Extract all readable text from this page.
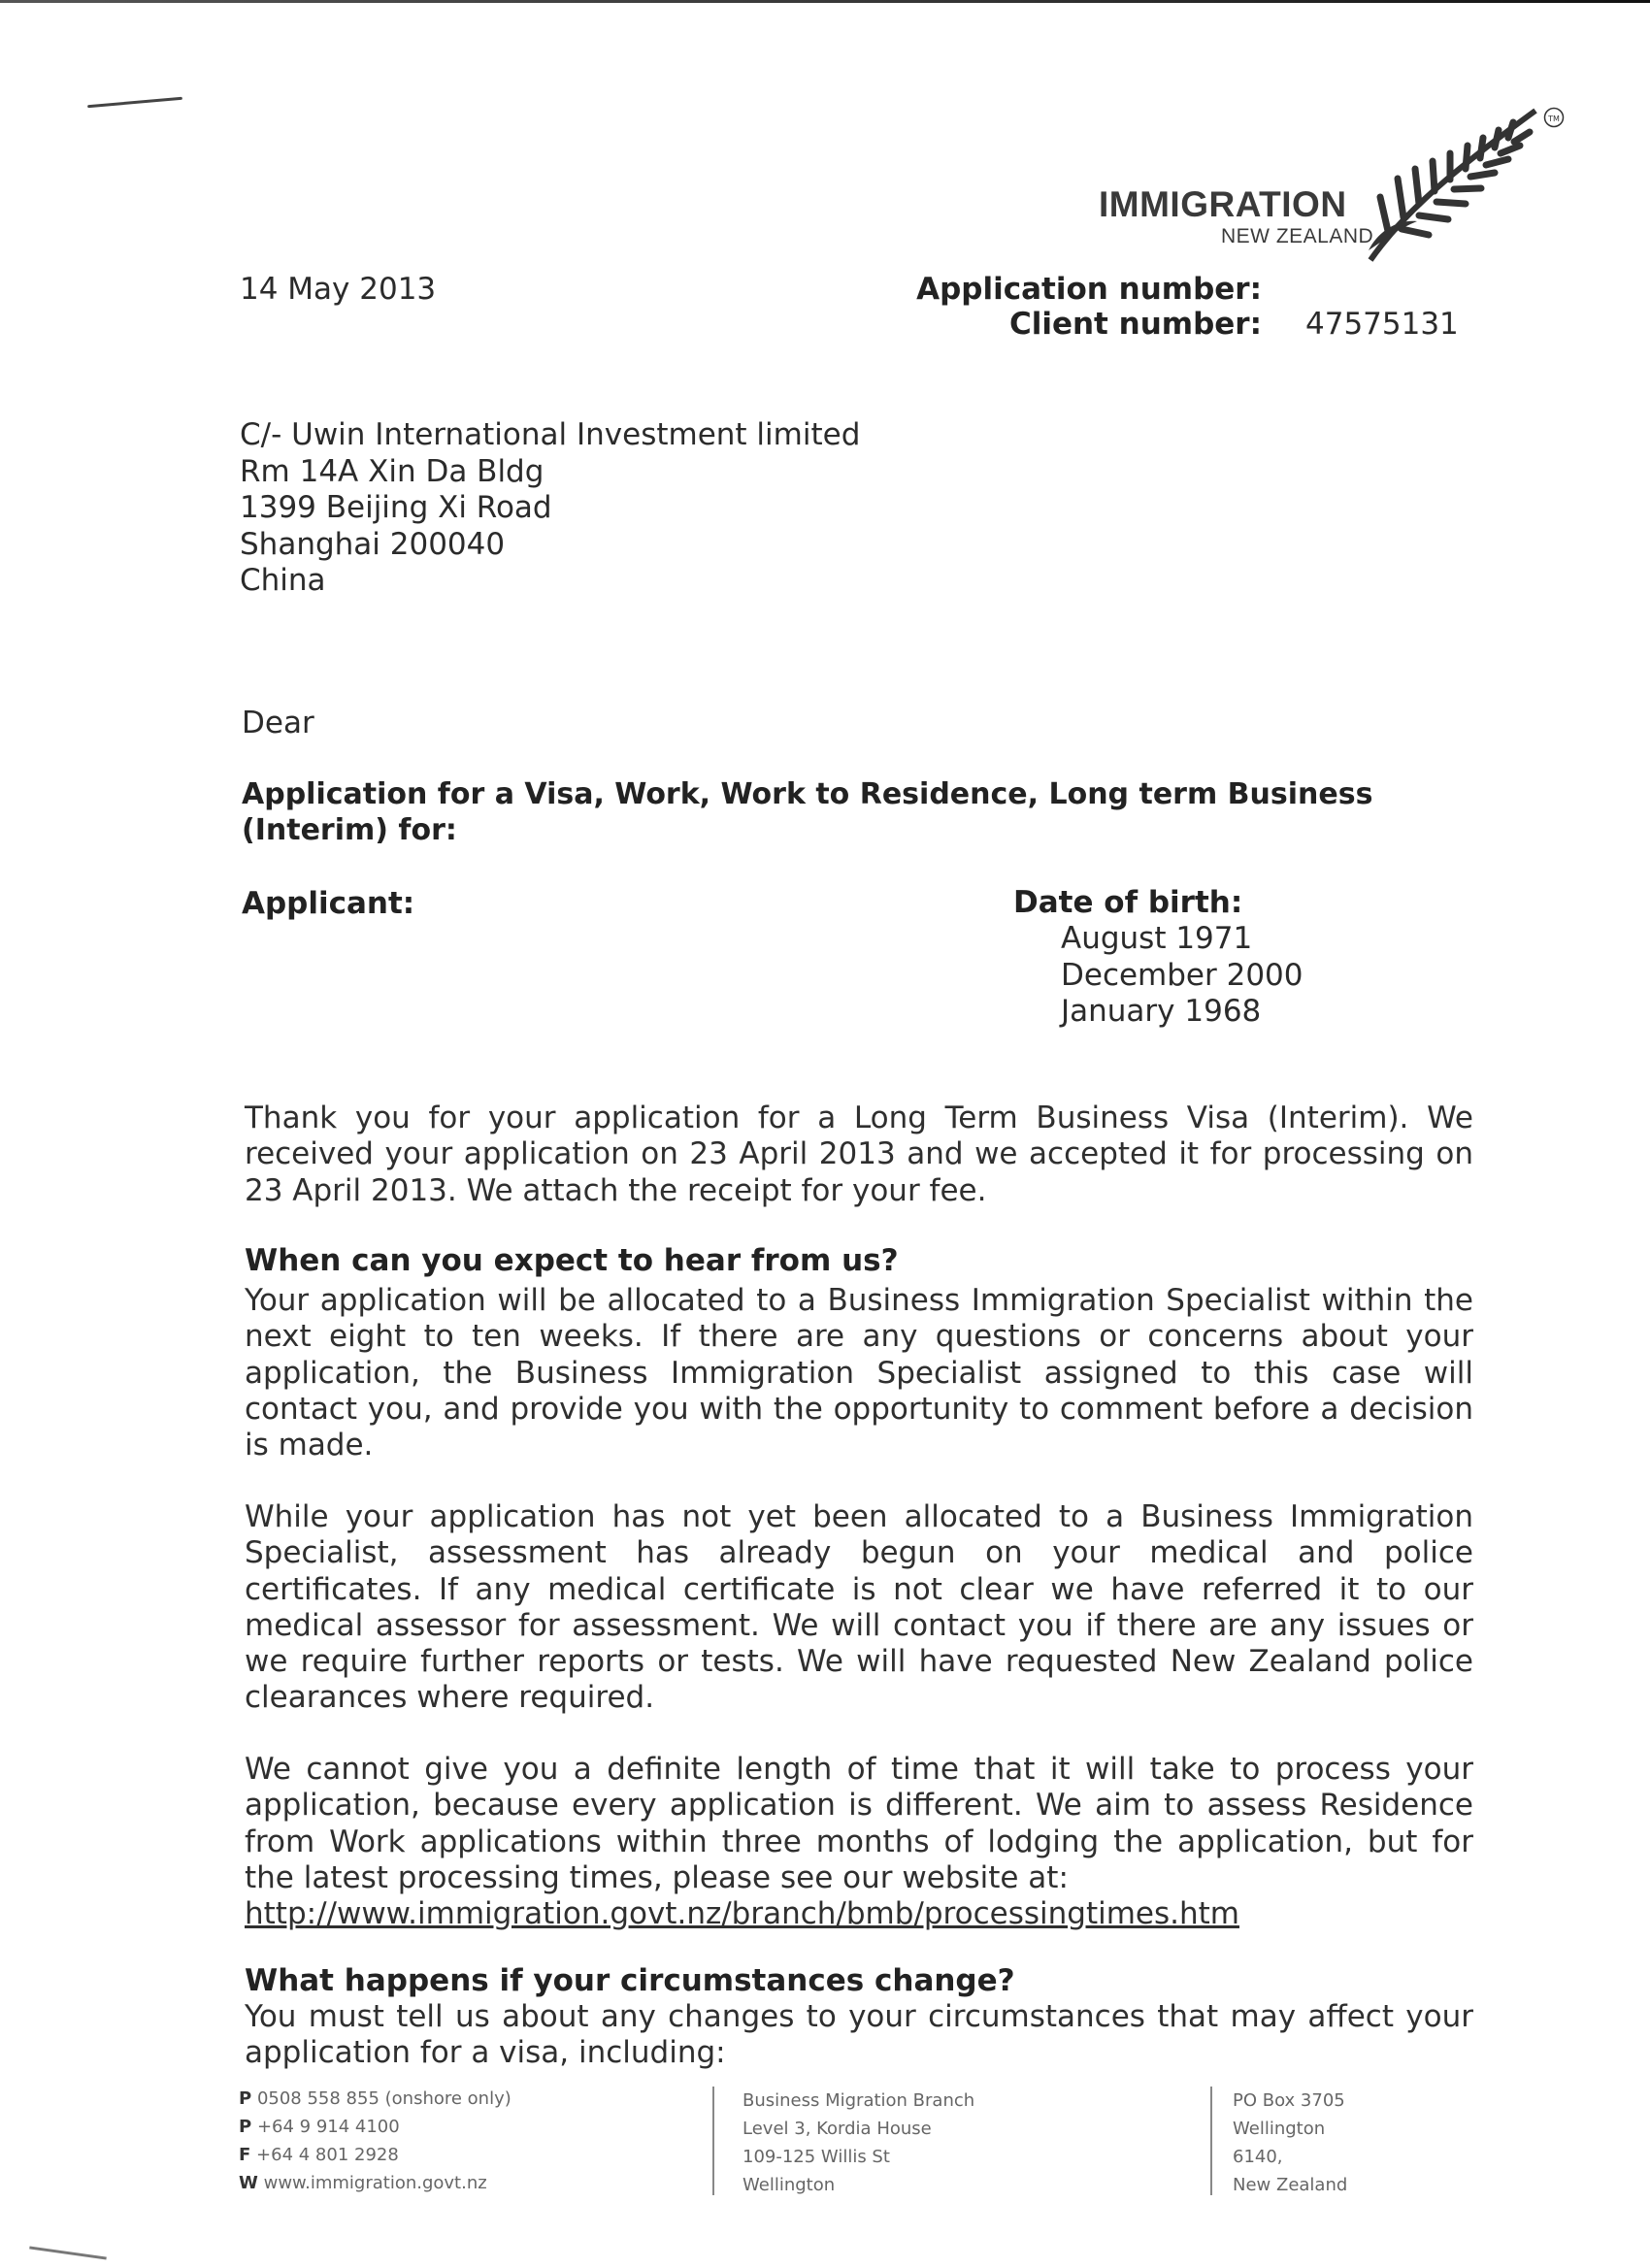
IMMIGRATION
NEW ZEALAND
TM
14 May 2013	Application number:
Client number: 47575131
C/- Uwin International Investment limited
Rm 14A Xin Da Bldg
1399 Beijing Xi Road
Shanghai 200040
China
Dear
Application for a Visa, Work, Work to Residence, Long term Business
(Interim) for:
Applicant:	Date of birth:
August 1971
December 2000
January 1968
Thank you for your application for a Long Term Business Visa (Interim). We received your application on 23 April 2013 and we accepted it for processing on 23 April 2013. We attach the receipt for your fee.
When can you expect to hear from us?
Your application will be allocated to a Business Immigration Specialist within the next eight to ten weeks. If there are any questions or concerns about your application, the Business Immigration Specialist assigned to this case will contact you, and provide you with the opportunity to comment before a decision is made.
While your application has not yet been allocated to a Business Immigration Specialist, assessment has already begun on your medical and police certificates. If any medical certificate is not clear we have referred it to our medical assessor for assessment. We will contact you if there are any issues or we require further reports or tests. We will have requested New Zealand police clearances where required.
We cannot give you a definite length of time that it will take to process your application, because every application is different. We aim to assess Residence from Work applications within three months of lodging the application, but for the latest processing times, please see our website at:
http://www.immigration.govt.nz/branch/bmb/processingtimes.htm
What happens if your circumstances change?
You must tell us about any changes to your circumstances that may affect your application for a visa, including:
P 0508 558 855 (onshore only)
P +64 9 914 4100
F +64 4 801 2928
W www.immigration.govt.nz
Business Migration Branch
Level 3, Kordia House
109-125 Willis St
Wellington
PO Box 3705
Wellington
6140,
New Zealand
